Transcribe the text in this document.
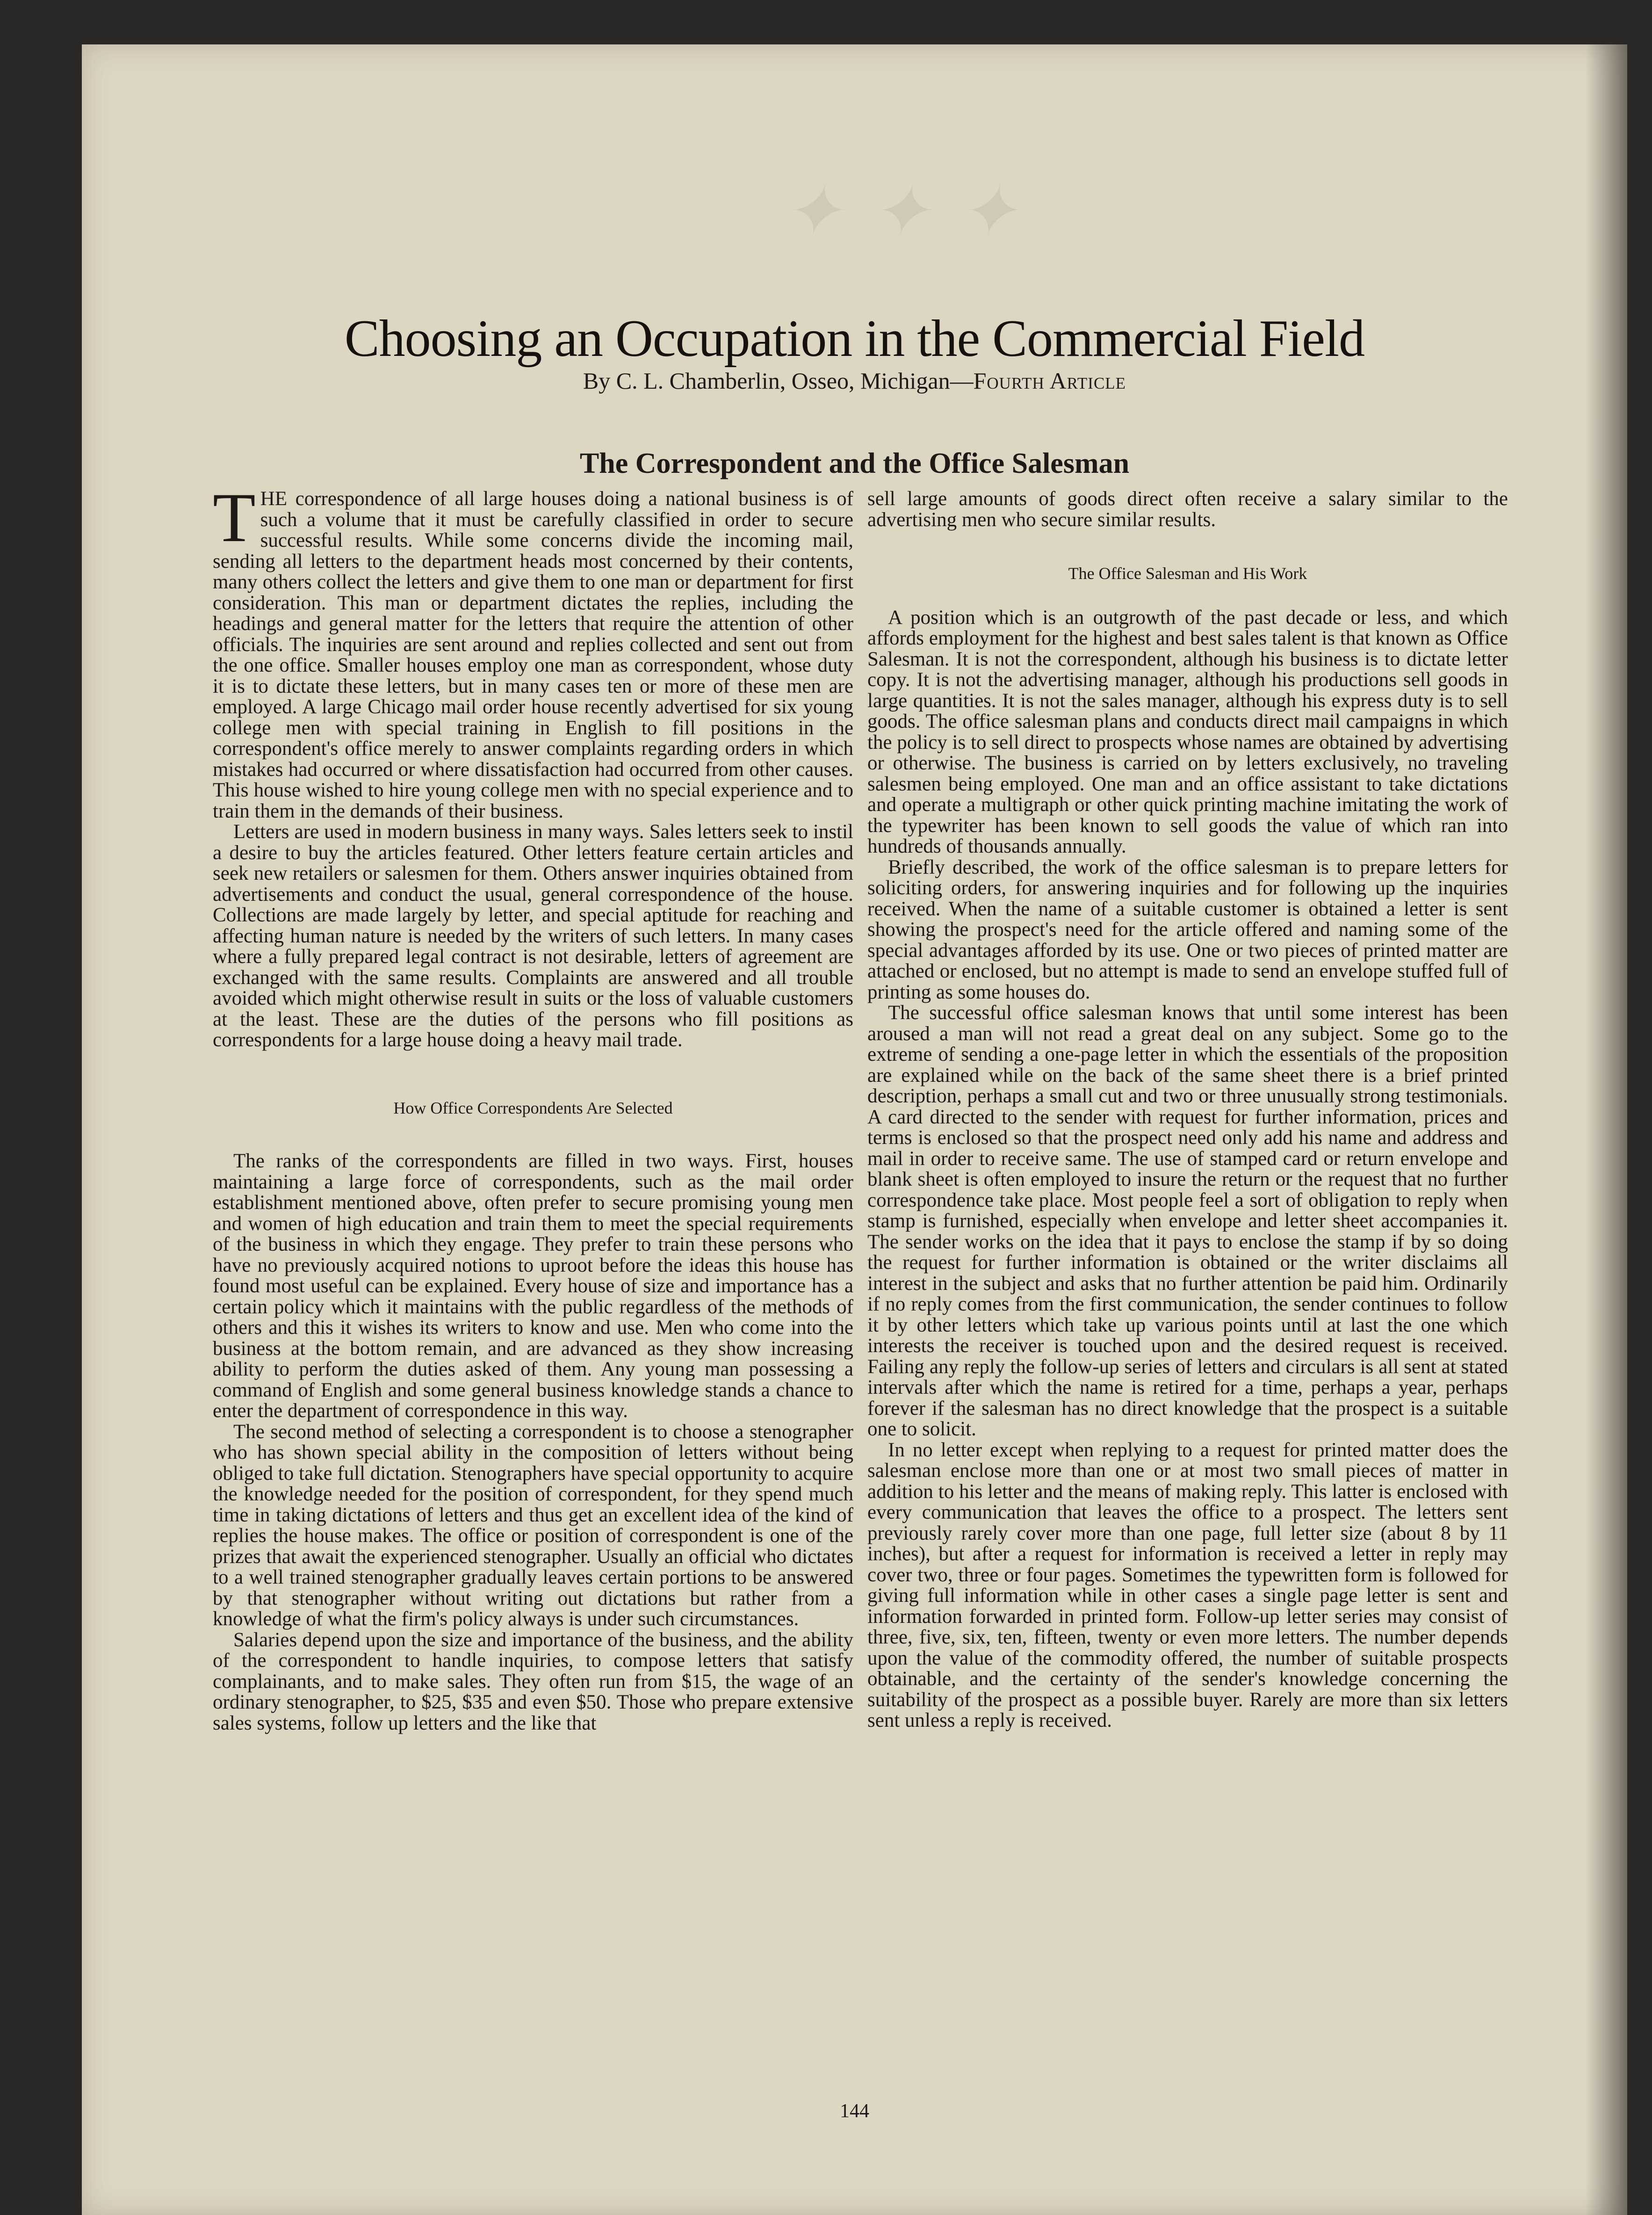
✦ ✦ ✦
Choosing an Occupation in the Commercial Field
By C. L. Chamberlin, Osseo, Michigan—Fourth Article
The Correspondent and the Office Salesman

THE correspondence of all large houses doing a national business is of such a volume that it must be carefully classified in order to secure successful results. While some concerns divide the incoming mail, sending all letters to the department heads most concerned by their contents, many others collect the letters and give them to one man or department for first consideration. This man or department dictates the replies, including the headings and general matter for the letters that require the attention of other officials. The inquiries are sent around and replies collected and sent out from the one office. Smaller houses employ one man as correspondent, whose duty it is to dictate these letters, but in many cases ten or more of these men are employed. A large Chicago mail order house recently advertised for six young college men with special training in English to fill positions in the correspondent's office merely to answer complaints regarding orders in which mistakes had occurred or where dissatisfaction had occurred from other causes. This house wished to hire young college men with no special experience and to train them in the demands of their business.

Letters are used in modern business in many ways. Sales letters seek to instil a desire to buy the articles featured. Other letters feature certain articles and seek new retailers or salesmen for them. Others answer inquiries obtained from advertisements and conduct the usual, general correspondence of the house. Collections are made largely by letter, and special aptitude for reaching and affecting human nature is needed by the writers of such letters. In many cases where a fully prepared legal contract is not desirable, letters of agreement are exchanged with the same results. Complaints are answered and all trouble avoided which might otherwise result in suits or the loss of valuable customers at the least. These are the duties of the persons who fill positions as correspondents for a large house doing a heavy mail trade.

How Office Correspondents Are Selected

The ranks of the correspondents are filled in two ways. First, houses maintaining a large force of correspondents, such as the mail order establishment mentioned above, often prefer to secure promising young men and women of high education and train them to meet the special requirements of the business in which they engage. They prefer to train these persons who have no previously acquired notions to uproot before the ideas this house has found most useful can be explained. Every house of size and importance has a certain policy which it maintains with the public regardless of the methods of others and this it wishes its writers to know and use. Men who come into the business at the bottom remain, and are advanced as they show increasing ability to perform the duties asked of them. Any young man possessing a command of English and some general business knowledge stands a chance to enter the department of correspondence in this way.

The second method of selecting a correspondent is to choose a stenographer who has shown special ability in the composition of letters without being obliged to take full dictation. Stenographers have special opportunity to acquire the knowledge needed for the position of correspondent, for they spend much time in taking dictations of letters and thus get an excellent idea of the kind of replies the house makes. The office or position of correspondent is one of the prizes that await the experienced stenographer. Usually an official who dictates to a well trained stenographer gradually leaves certain portions to be answered by that stenographer without writing out dictations but rather from a knowledge of what the firm's policy always is under such circumstances.

Salaries depend upon the size and importance of the business, and the ability of the correspondent to handle inquiries, to compose letters that satisfy complainants, and to make sales. They often run from $15, the wage of an ordinary stenographer, to $25, $35 and even $50. Those who prepare extensive sales systems, follow up letters and the like that

sell large amounts of goods direct often receive a salary similar to the advertising men who secure similar results.

The Office Salesman and His Work

A position which is an outgrowth of the past decade or less, and which affords employment for the highest and best sales talent is that known as Office Salesman. It is not the correspondent, although his business is to dictate letter copy. It is not the advertising manager, although his productions sell goods in large quantities. It is not the sales manager, although his express duty is to sell goods. The office salesman plans and conducts direct mail campaigns in which the policy is to sell direct to prospects whose names are obtained by advertising or otherwise. The business is carried on by letters exclusively, no traveling salesmen being employed. One man and an office assistant to take dictations and operate a multigraph or other quick printing machine imitating the work of the typewriter has been known to sell goods the value of which ran into hundreds of thousands annually.

Briefly described, the work of the office salesman is to prepare letters for soliciting orders, for answering inquiries and for following up the inquiries received. When the name of a suitable customer is obtained a letter is sent showing the prospect's need for the article offered and naming some of the special advantages afforded by its use. One or two pieces of printed matter are attached or enclosed, but no attempt is made to send an envelope stuffed full of printing as some houses do.

The successful office salesman knows that until some interest has been aroused a man will not read a great deal on any subject. Some go to the extreme of sending a one-page letter in which the essentials of the proposition are explained while on the back of the same sheet there is a brief printed description, perhaps a small cut and two or three unusually strong testimonials. A card directed to the sender with request for further information, prices and terms is enclosed so that the prospect need only add his name and address and mail in order to receive same. The use of stamped card or return envelope and blank sheet is often employed to insure the return or the request that no further correspondence take place. Most people feel a sort of obligation to reply when stamp is furnished, especially when envelope and letter sheet accompanies it. The sender works on the idea that it pays to enclose the stamp if by so doing the request for further information is obtained or the writer disclaims all interest in the subject and asks that no further attention be paid him. Ordinarily if no reply comes from the first communication, the sender continues to follow it by other letters which take up various points until at last the one which interests the receiver is touched upon and the desired request is received. Failing any reply the follow-up series of letters and circulars is all sent at stated intervals after which the name is retired for a time, perhaps a year, perhaps forever if the salesman has no direct knowledge that the prospect is a suitable one to solicit.

In no letter except when replying to a request for printed matter does the salesman enclose more than one or at most two small pieces of matter in addition to his letter and the means of making reply. This latter is enclosed with every communication that leaves the office to a prospect. The letters sent previously rarely cover more than one page, full letter size (about 8 by 11 inches), but after a request for information is received a letter in reply may cover two, three or four pages. Sometimes the typewritten form is followed for giving full information while in other cases a single page letter is sent and information forwarded in printed form. Follow-up letter series may consist of three, five, six, ten, fifteen, twenty or even more letters. The number depends upon the value of the commodity offered, the number of suitable prospects obtainable, and the certainty of the sender's knowledge concerning the suitability of the prospect as a possible buyer. Rarely are more than six letters sent unless a reply is received.

144
